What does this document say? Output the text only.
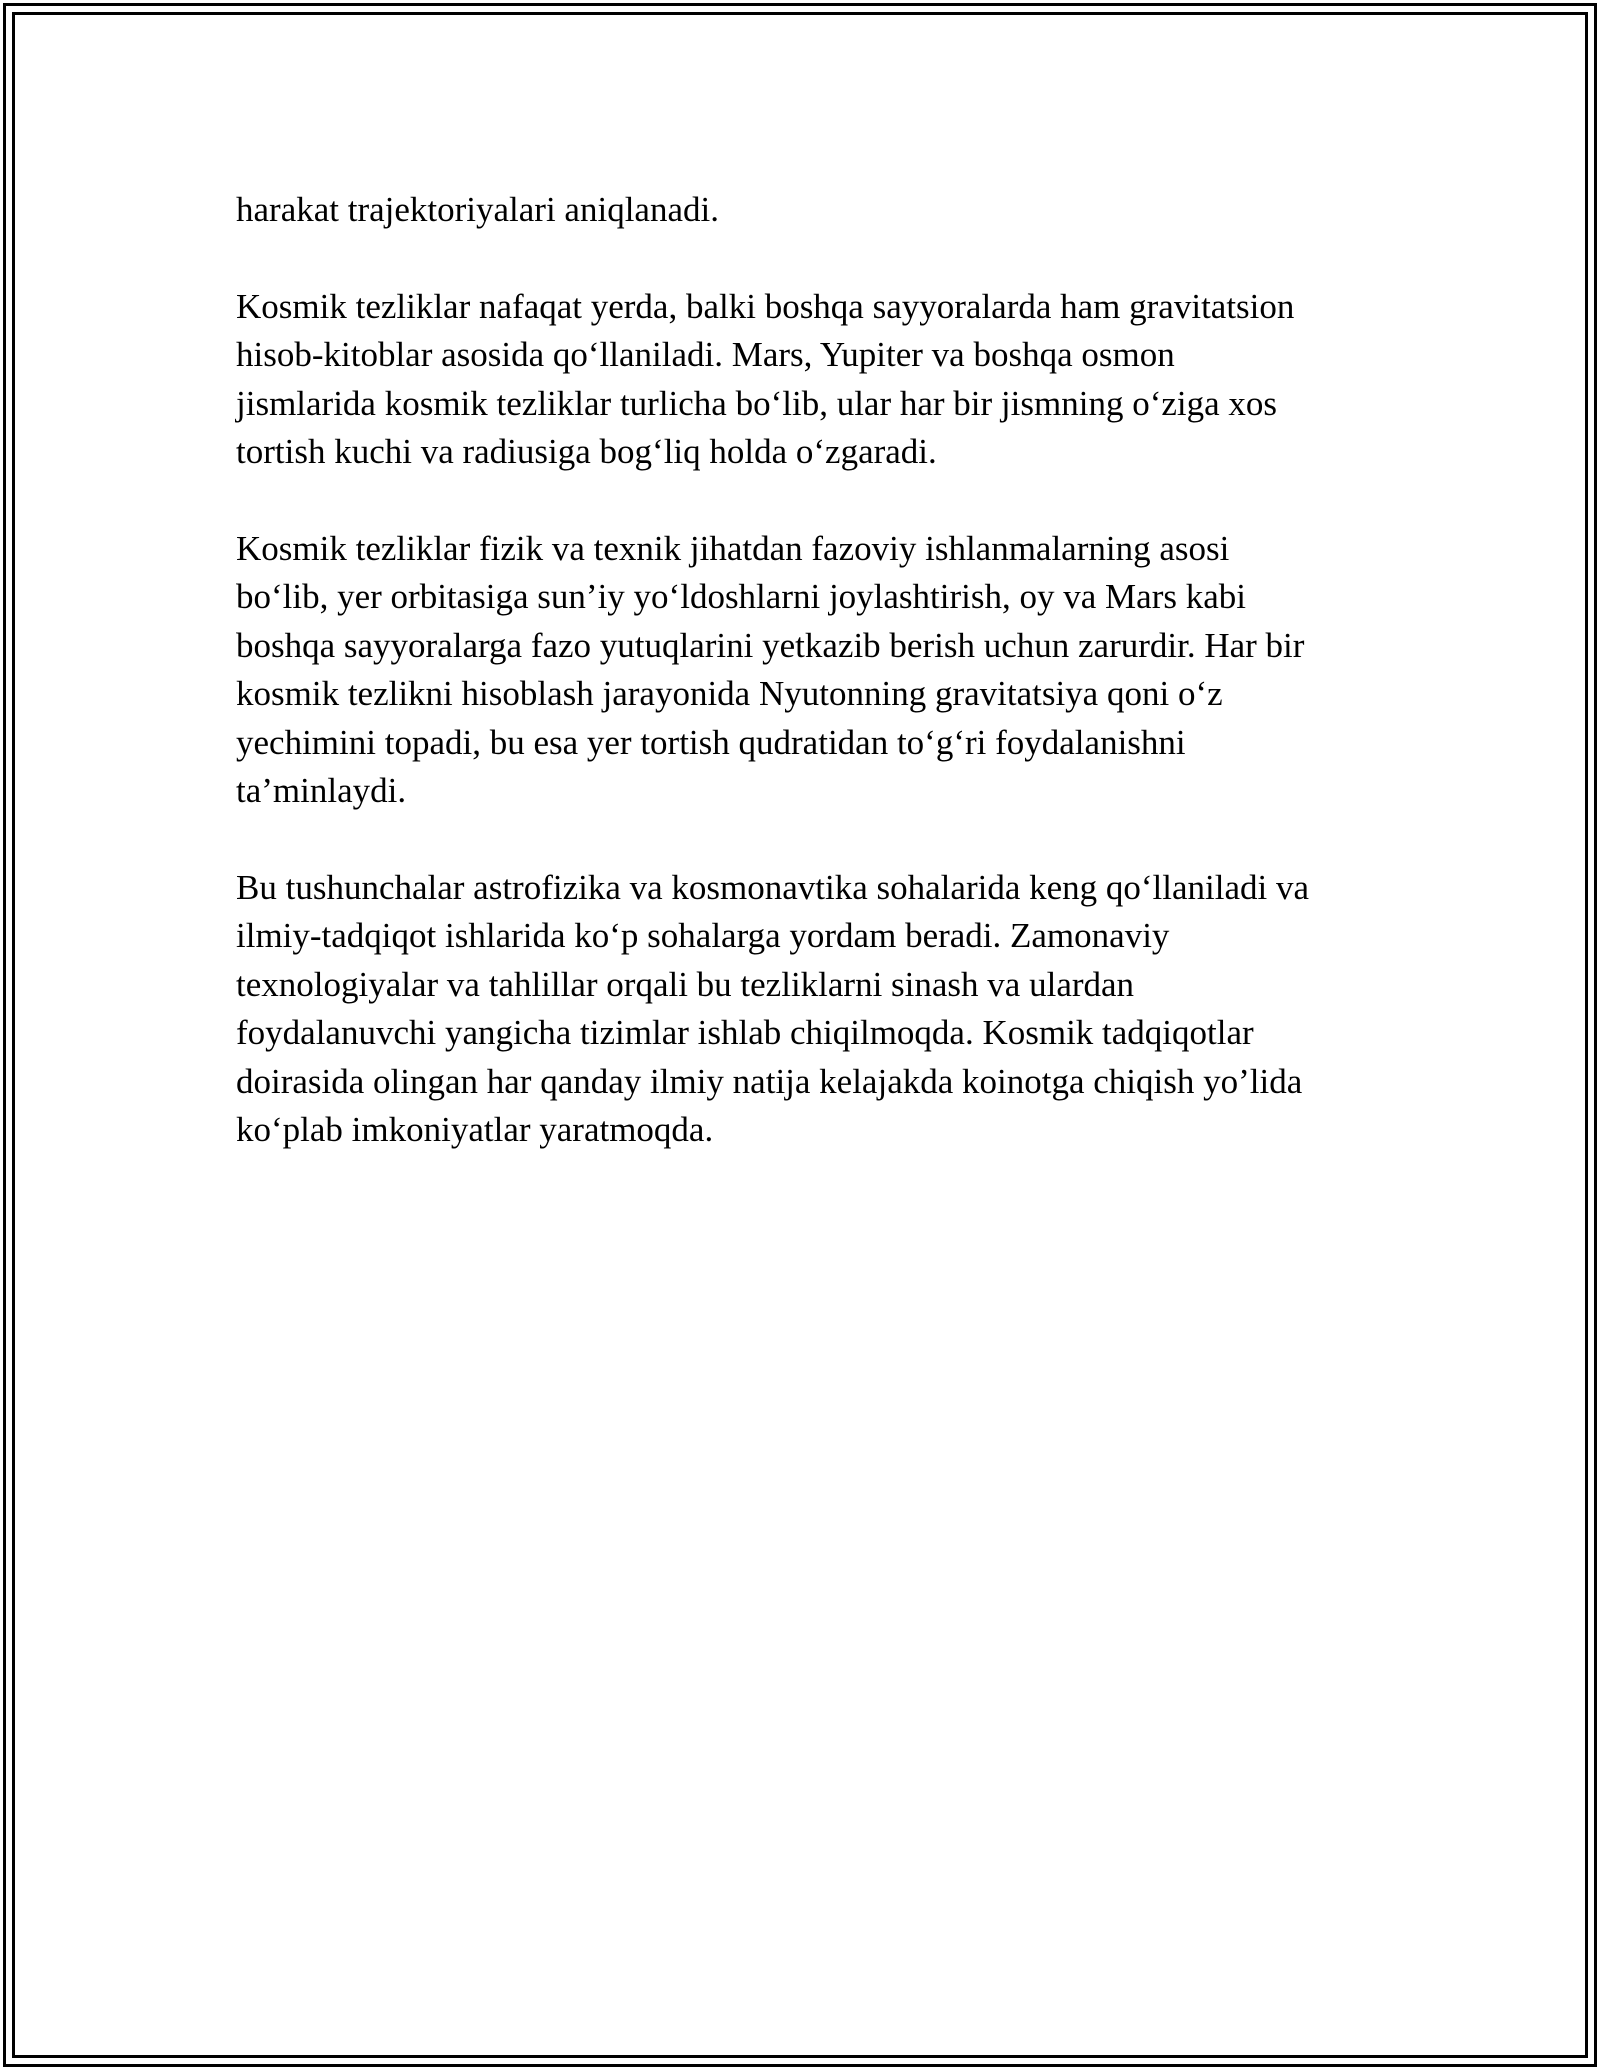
harakat trajektoriyalari aniqlanadi.

Kosmik tezliklar nafaqat yerda, balki boshqa sayyoralarda ham gravitatsion
hisob-kitoblar asosida qo‘llaniladi. Mars, Yupiter va boshqa osmon
jismlarida kosmik tezliklar turlicha bo‘lib, ular har bir jismning o‘ziga xos
tortish kuchi va radiusiga bog‘liq holda o‘zgaradi.

Kosmik tezliklar fizik va texnik jihatdan fazoviy ishlanmalarning asosi
bo‘lib, yer orbitasiga sun’iy yo‘ldoshlarni joylashtirish, oy va Mars kabi
boshqa sayyoralarga fazo yutuqlarini yetkazib berish uchun zarurdir. Har bir
kosmik tezlikni hisoblash jarayonida Nyutonning gravitatsiya qoni o‘z
yechimini topadi, bu esa yer tortish qudratidan to‘g‘ri foydalanishni
ta’minlaydi.

Bu tushunchalar astrofizika va kosmonavtika sohalarida keng qo‘llaniladi va
ilmiy-tadqiqot ishlarida ko‘p sohalarga yordam beradi. Zamonaviy
texnologiyalar va tahlillar orqali bu tezliklarni sinash va ulardan
foydalanuvchi yangicha tizimlar ishlab chiqilmoqda. Kosmik tadqiqotlar
doirasida olingan har qanday ilmiy natija kelajakda koinotga chiqish yo’lida
ko‘plab imkoniyatlar yaratmoqda.
